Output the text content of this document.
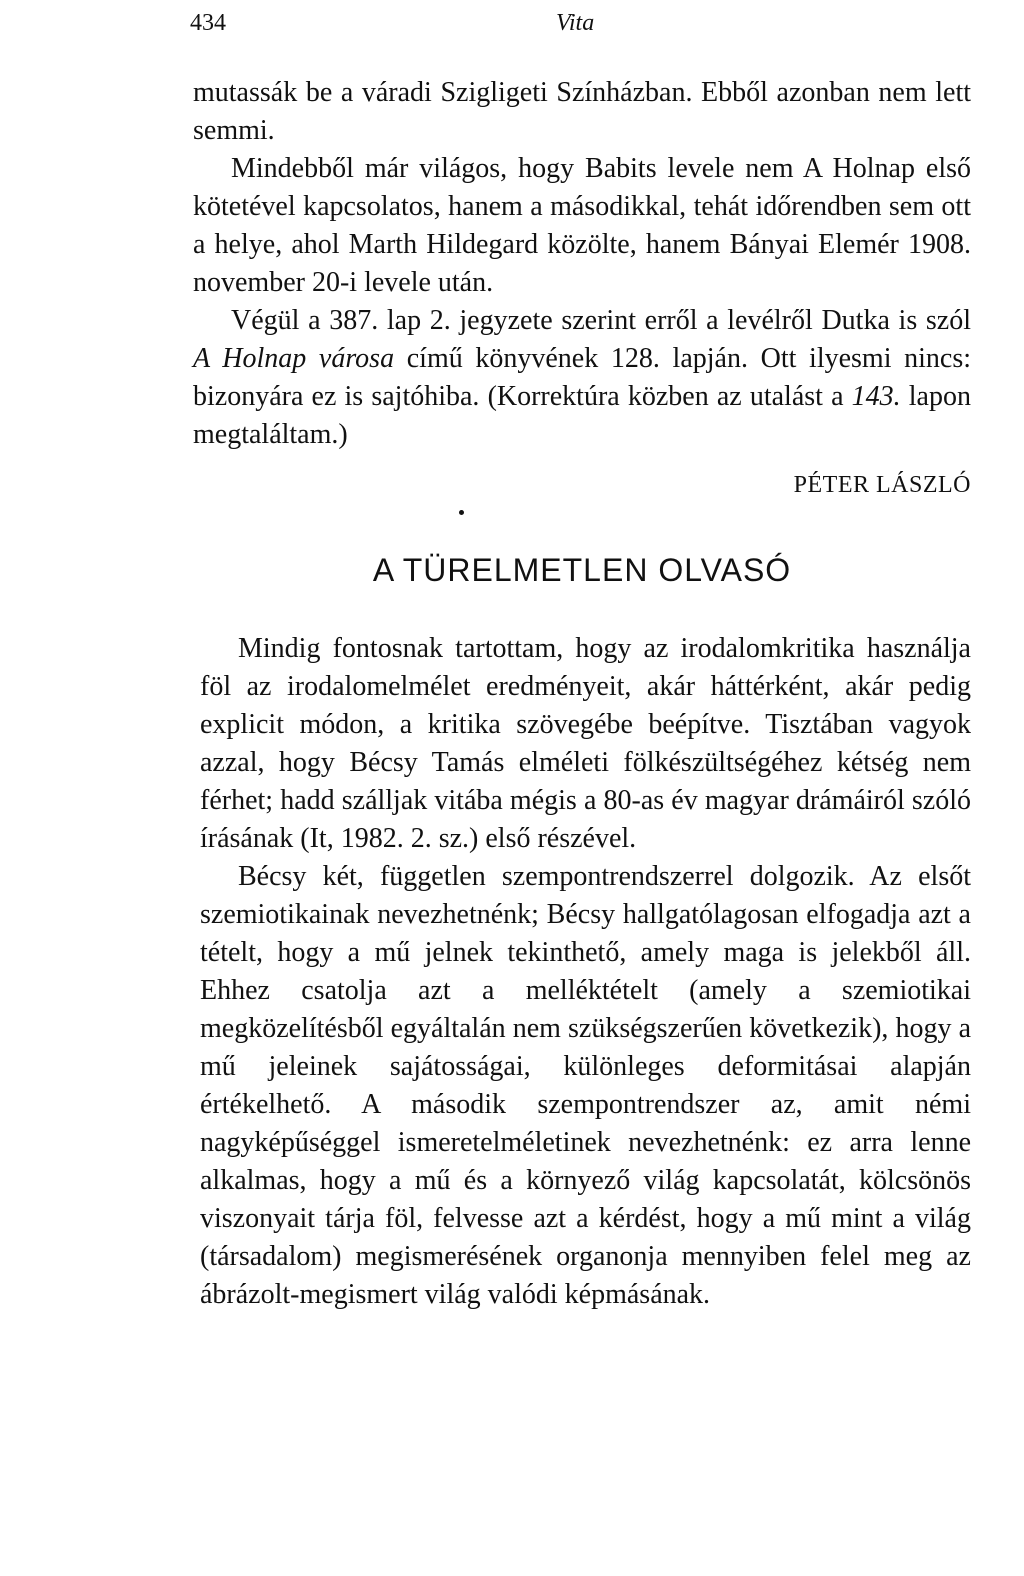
434	Vita

mutassák be a váradi Szigligeti Színházban. Ebből azonban nem lett semmi.

Mindebből már világos, hogy Babits levele nem A Holnap első kötetével kapcsolatos, hanem a másodikkal, tehát időrendben sem ott a helye, ahol Marth Hildegard közölte, hanem Bányai Elemér 1908. november 20-i levele után.

Végül a 387. lap 2. jegyzete szerint erről a levélről Dutka is szól A Holnap városa című könyvének 128. lapján. Ott ilyesmi nincs: bizonyára ez is sajtóhiba. (Korrektúra közben az utalást a 143. lapon megtaláltam.)

PÉTER LÁSZLÓ

A TÜRELMETLEN OLVASÓ

Mindig fontosnak tartottam, hogy az irodalomkritika használja föl az irodalomelmélet eredményeit, akár háttérként, akár pedig explicit módon, a kritika szövegébe beépítve. Tisztában vagyok azzal, hogy Bécsy Tamás elméleti fölkészültségéhez kétség nem férhet; hadd szálljak vitába mégis a 80-as év magyar drámáiról szóló írásának (It, 1982. 2. sz.) első részével.

Bécsy két, független szempontrendszerrel dolgozik. Az elsőt szemiotikainak nevezhetnénk; Bécsy hallgatólagosan elfogadja azt a tételt, hogy a mű jelnek tekinthető, amely maga is jelekből áll. Ehhez csatolja azt a melléktételt (amely a szemiotikai megközelítésből egyáltalán nem szükségszerűen következik), hogy a mű jeleinek sajátosságai, különleges deformitásai alapján értékelhető. A második szempontrendszer az, amit némi nagyképűséggel ismeretelméletinek nevezhetnénk: ez arra lenne alkalmas, hogy a mű és a környező világ kapcsolatát, kölcsönös viszonyait tárja föl, felvesse azt a kérdést, hogy a mű mint a világ (társadalom) megismerésének organonja mennyiben felel meg az ábrázolt-megismert világ valódi képmásának.
